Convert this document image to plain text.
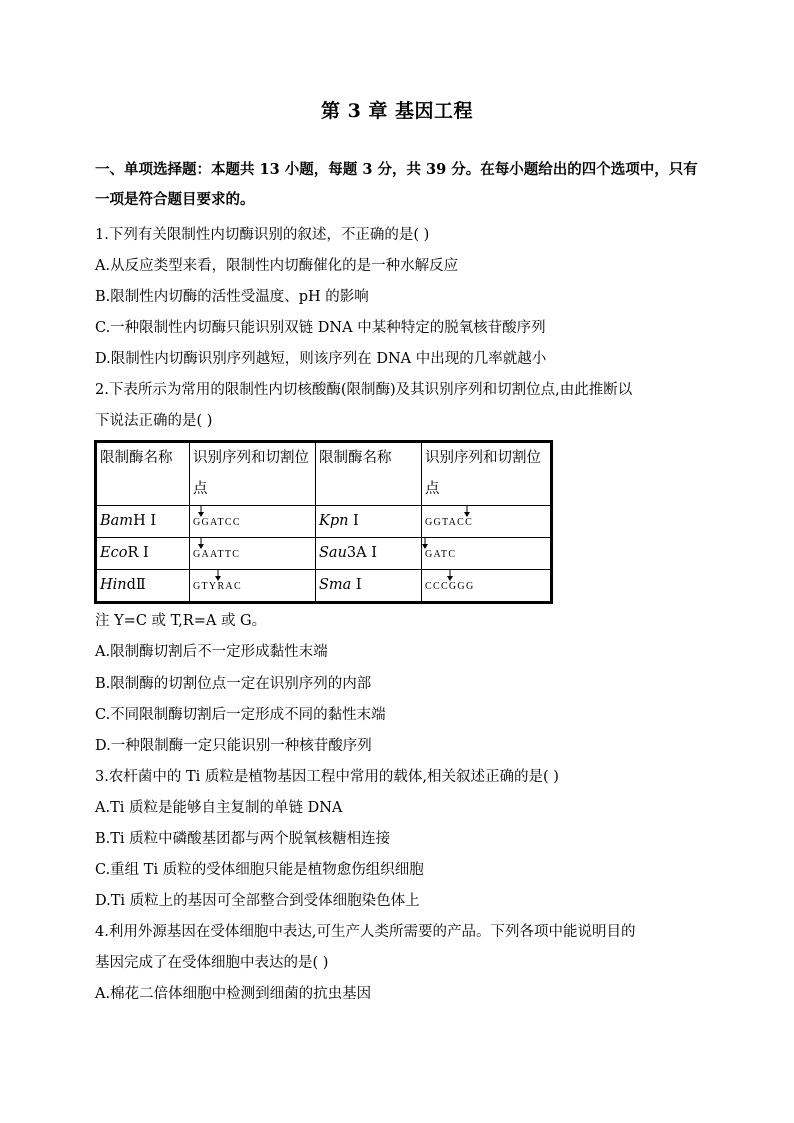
第 3 章 基因工程
一、单项选择题：本题共 13 小题，每题 3 分，共 39 分。在每小题给出的四个选项中，只有一项是符合题目要求的。
1.下列有关限制性内切酶识别的叙述，不正确的是( )
A.从反应类型来看，限制性内切酶催化的是一种水解反应
B.限制性内切酶的活性受温度、pH 的影响
C.一种限制性内切酶只能识别双链 DNA 中某种特定的脱氧核苷酸序列
D.限制性内切酶识别序列越短，则该序列在 DNA 中出现的几率就越小
2.下表所示为常用的限制性内切核酸酶(限制酶)及其识别序列和切割位点,由此推断以
下说法正确的是( )
限制酶名称	识别序列和切割位点	限制酶名称	识别序列和切割位点
BamH Ⅰ	GGATCC	Kpn Ⅰ	GGTACC

EcoR Ⅰ	GAATTC	Sau3A Ⅰ	GATC

HindⅡ	GTYRAC	Sma Ⅰ	CCCGGG
注 Y=C 或 T,R=A 或 G。
A.限制酶切割后不一定形成黏性末端
B.限制酶的切割位点一定在识别序列的内部
C.不同限制酶切割后一定形成不同的黏性末端
D.一种限制酶一定只能识别一种核苷酸序列
3.农杆菌中的 Ti 质粒是植物基因工程中常用的载体,相关叙述正确的是( )
A.Ti 质粒是能够自主复制的单链 DNA
B.Ti 质粒中磷酸基团都与两个脱氧核糖相连接
C.重组 Ti 质粒的受体细胞只能是植物愈伤组织细胞
D.Ti 质粒上的基因可全部整合到受体细胞染色体上
4.利用外源基因在受体细胞中表达,可生产人类所需要的产品。下列各项中能说明目的
基因完成了在受体细胞中表达的是( )
A.棉花二倍体细胞中检测到细菌的抗虫基因
